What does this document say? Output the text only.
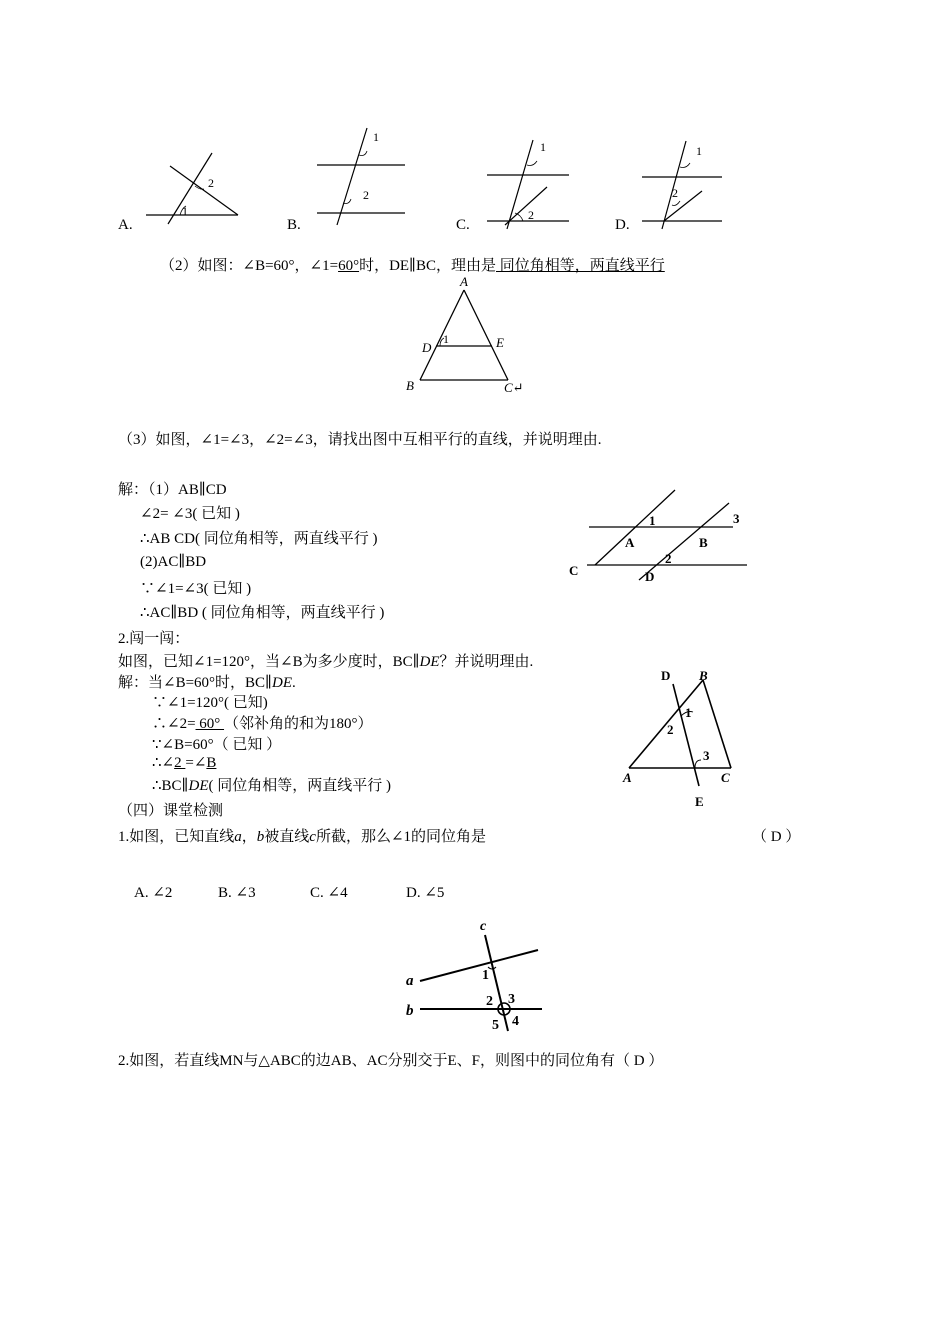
1
2
A.
1
2
B.
1
2
C.
1
2
D.
（2）如图：∠B=60°，∠1=60°时，DE∥BC，理由是 同位角相等，两直线平行
A
D
1	E
B	C↵
（3）如图，∠1=∠3，∠2=∠3，请找出图中互相平行的直线，并说明理由.
解：（1）AB∥CD
∠2= ∠3( 已知 )
∴AB CD( 同位角相等，两直线平行 )
(2)AC∥BD
∵∠1=∠3( 已知 )
∴AC∥BD ( 同位角相等，两直线平行 )
1	3
A	B
C
2
D
2.闯一闯：
如图，已知∠1=120°，当∠B为多少度时，BC∥DE？并说明理由.
解：当∠B=60°时，BC∥DE.
∵∠1=120°( 已知)
∴∠2= 60° （邻补角的和为180°）
∵∠B=60°（ 已知 ）
∴∠2 =∠B
∴BC∥DE( 同位角相等，两直线平行 )
D B
1
2
3
A	C
E
（四）课堂检测
1.如图，已知直线a，b被直线c所截，那么∠1的同位角是	（ D ）
A. ∠2	B. ∠3	C. ∠4	D. ∠5
c
a	1
b
2 3
4
5
2.如图，若直线MN与△ABC的边AB、AC分别交于E、F，则图中的同位角有（ D ）
